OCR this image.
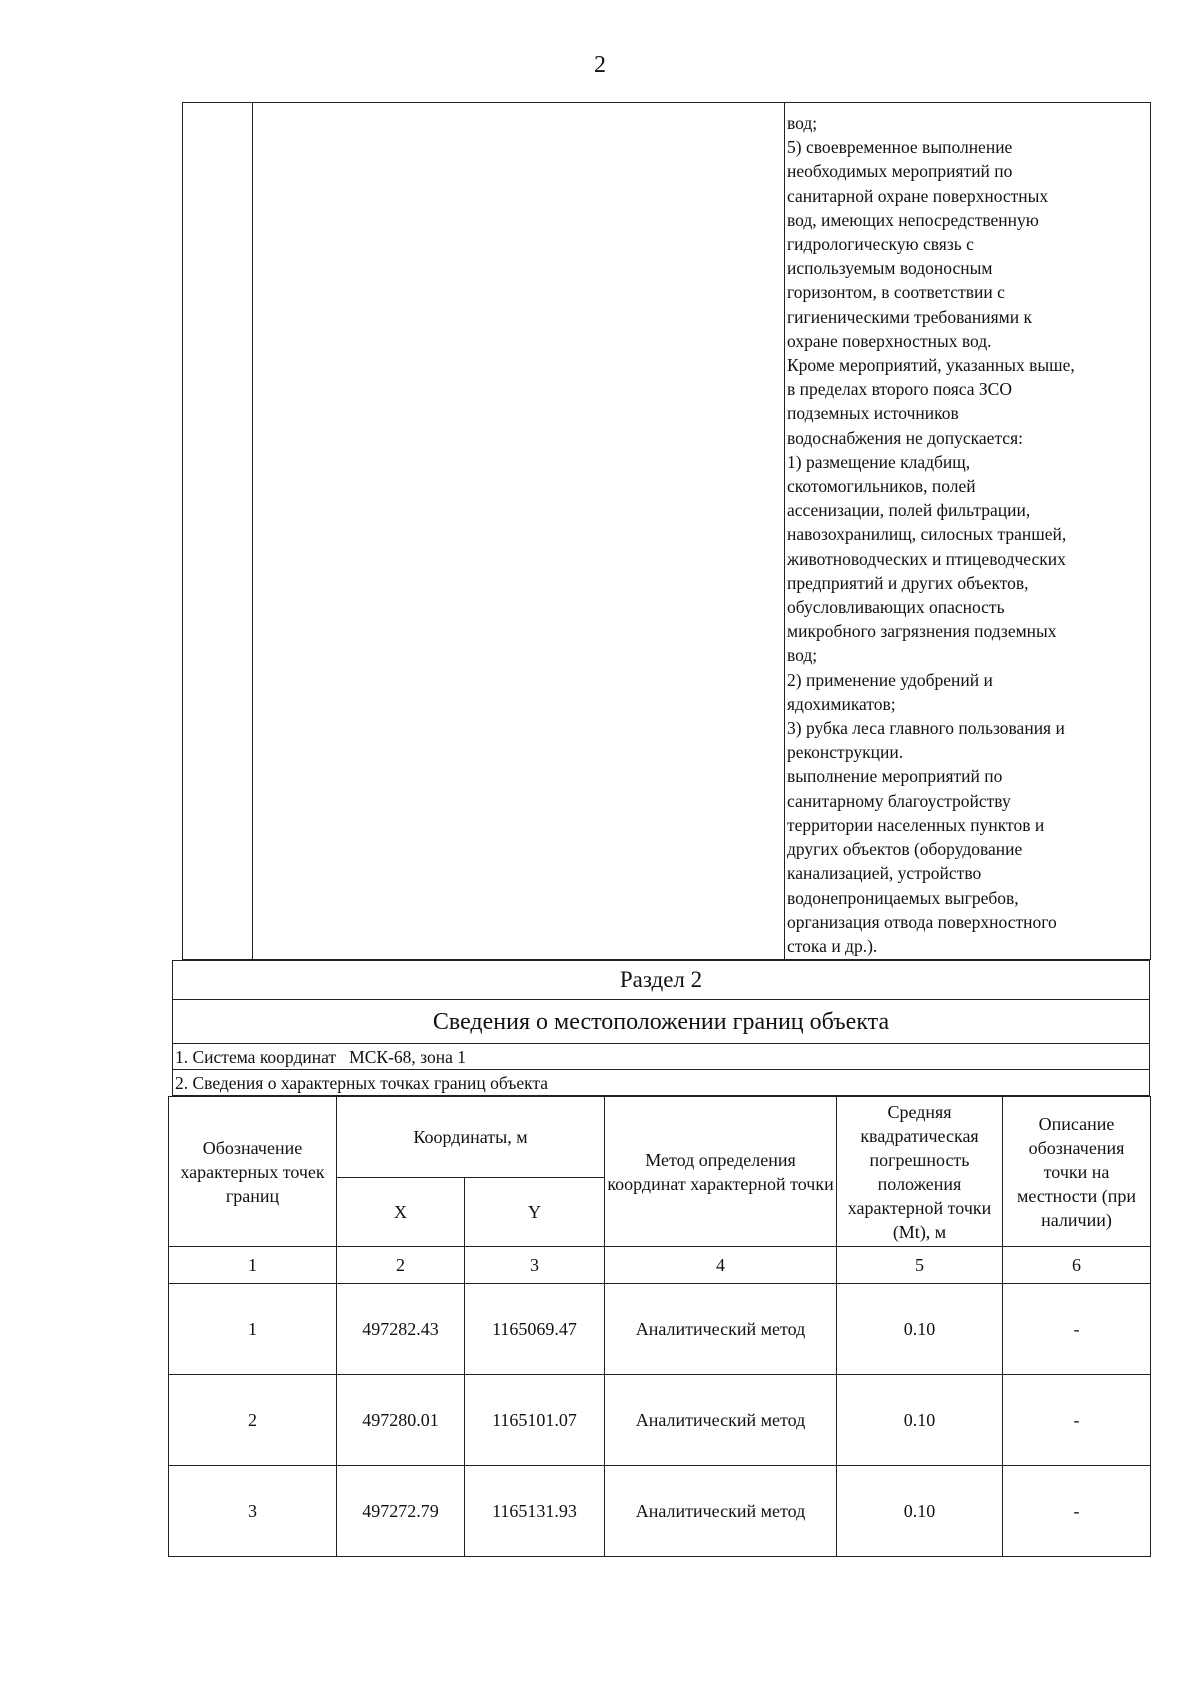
2

вод;
5) своевременное выполнение
необходимых мероприятий по
санитарной охране поверхностных
вод, имеющих непосредственную
гидрологическую связь с
используемым водоносным
горизонтом, в соответствии с
гигиеническими требованиями к
охране поверхностных вод.
Кроме мероприятий, указанных выше,
в пределах второго пояса ЗСО
подземных источников
водоснабжения не допускается:
1) размещение кладбищ,
скотомогильников, полей
ассенизации, полей фильтрации,
навозохранилищ, силосных траншей,
животноводческих и птицеводческих
предприятий и других объектов,
обусловливающих опасность
микробного загрязнения подземных
вод;
2) применение удобрений и
ядохимикатов;
3) рубка леса главного пользования и
реконструкции.
выполнение мероприятий по
санитарному благоустройству
территории населенных пунктов и
других объектов (оборудование
канализацией, устройство
водонепроницаемых выгребов,
организация отвода поверхностного
стока и др.).
Раздел 2
Сведения о местоположении границ объекта
1. Система координат МСК-68, зона 1
2. Сведения о характерных точках границ объекта
Обозначение характерных точек границ	Координаты, м		Метод определения координат характерной точки	Средняя квадратическая погрешность положения характерной точки (Mt), м	Описание обозначения точки на местности (при наличии)
	X	Y			
1	2	3	4	5	6
1	497282.43	1165069.47	Аналитический метод	0.10	-
2	497280.01	1165101.07	Аналитический метод	0.10	-
3	497272.79	1165131.93	Аналитический метод	0.10	-
